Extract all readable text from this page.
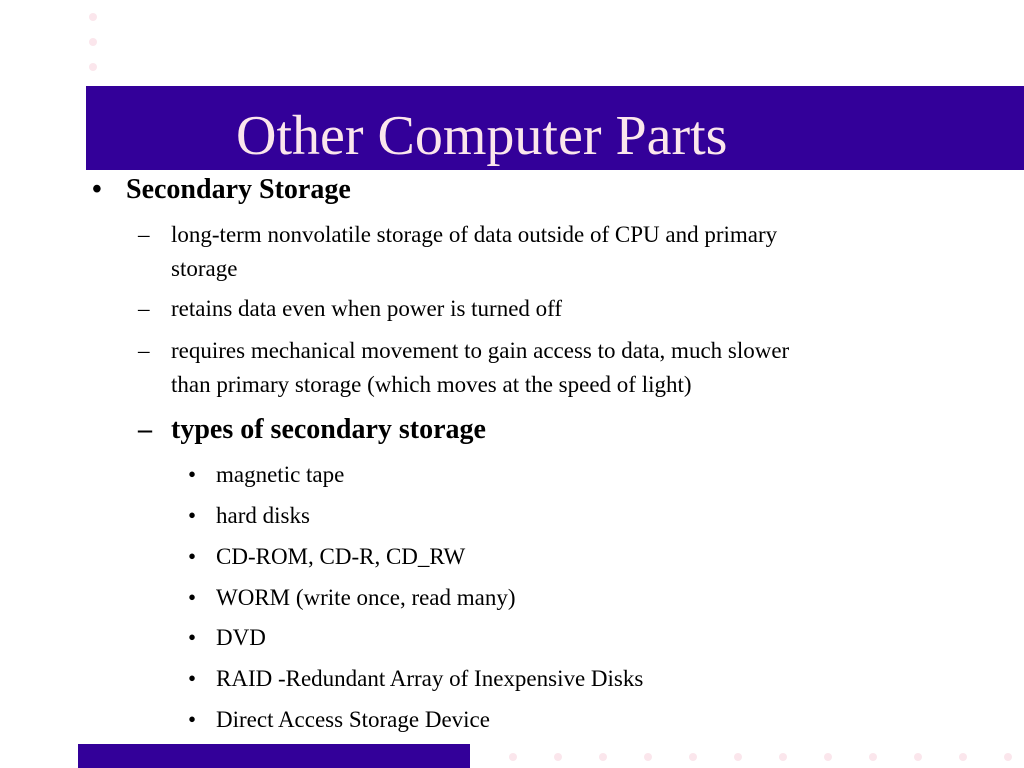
Other Computer Parts
• Secondary Storage
– long-term nonvolatile storage of data outside of CPU and primary
storage
– retains data even when power is turned off
– requires mechanical movement to gain access to data, much slower
than primary storage (which moves at the speed of light)
– types of secondary storage
• magnetic tape
• hard disks
• CD-ROM, CD-R, CD_RW
• WORM (write once, read many)
• DVD
• RAID -Redundant Array of Inexpensive Disks
• Direct Access Storage Device
